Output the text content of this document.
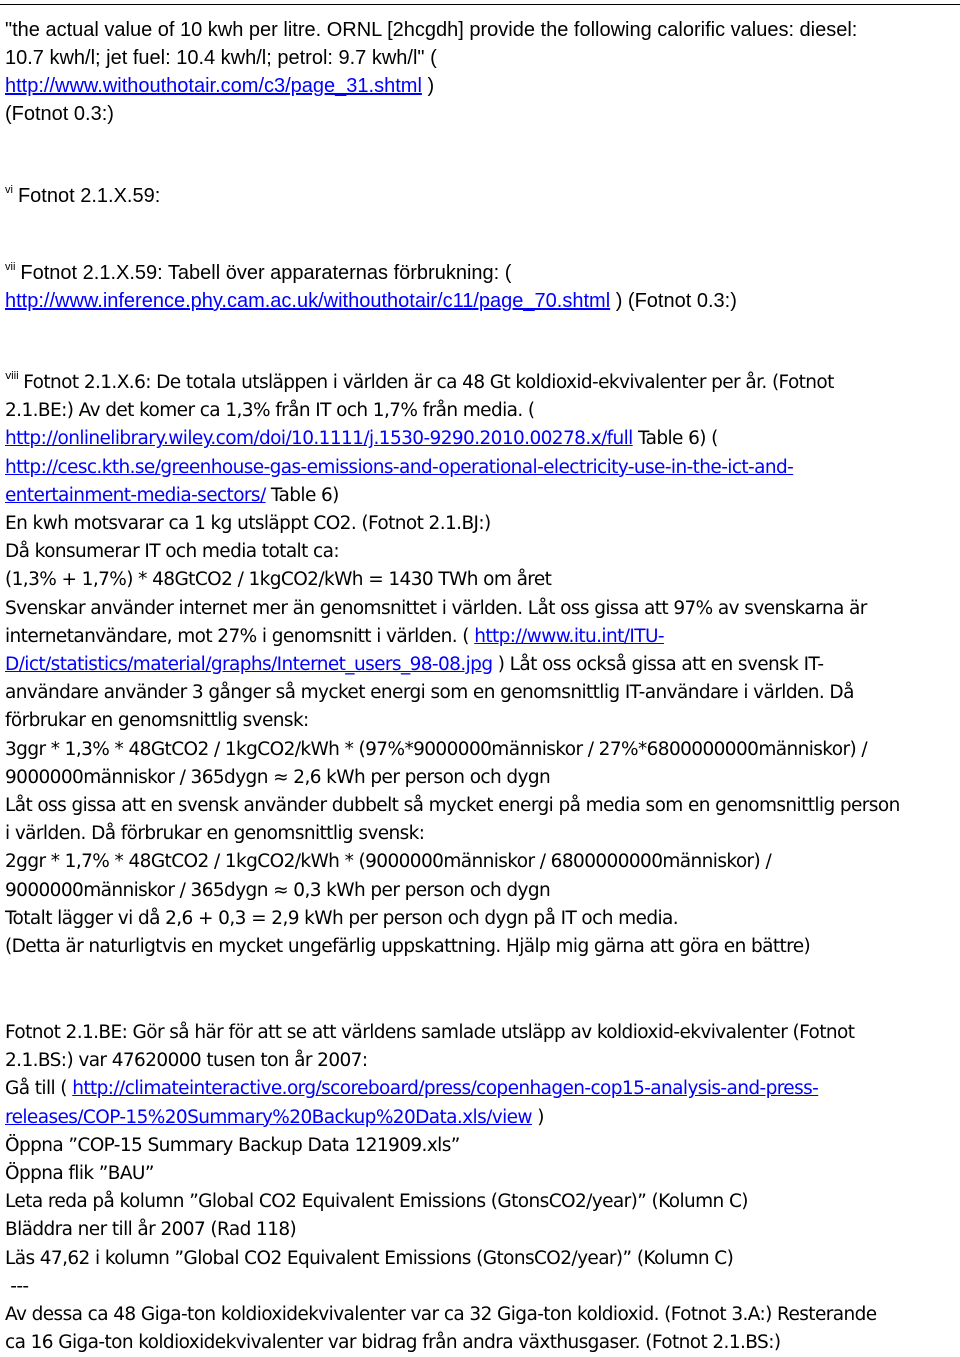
"the actual value of 10 kwh per litre. ORNL [2hcgdh] provide the following calorific values: diesel:
10.7 kwh/l; jet fuel: 10.4 kwh/l; petrol: 9.7 kwh/l" (
http://www.withouthotair.com/c3/page_31.shtml )
(Fotnot 0.3:)
$^{vi}$ Fotnot 2.1.X.59:
$^{vii}$ Fotnot 2.1.X.59: Tabell över apparaternas förbrukning: (
http://www.inference.phy.cam.ac.uk/withouthotair/c11/page_70.shtml ) (Fotnot 0.3:)
$^{viii}$ Fotnot 2.1.X.6: De totala utsläppen i världen är ca 48 Gt koldioxid-ekvivalenter per år. (Fotnot
2.1.BE:) Av det komer ca 1,3% från IT och 1,7% från media. (
http://onlinelibrary.wiley.com/doi/10.1111/j.1530-9290.2010.00278.x/full Table 6) (
http://cesc.kth.se/greenhouse-gas-emissions-and-operational-electricity-use-in-the-ict-and-
entertainment-media-sectors/ Table 6)
En kwh motsvarar ca 1 kg utsläppt CO2. (Fotnot 2.1.BJ:)
Då konsumerar IT och media totalt ca:
(1,3% + 1,7%) * 48GtCO2 / 1kgCO2/kWh = 1430 TWh om året
Svenskar använder internet mer än genomsnittet i världen. Låt oss gissa att 97% av svenskarna är
internetanvändare, mot 27% i genomsnitt i världen. ( http://www.itu.int/ITU-
D/ict/statistics/material/graphs/Internet_users_98-08.jpg ) Låt oss också gissa att en svensk IT-
användare använder 3 gånger så mycket energi som en genomsnittlig IT-användare i världen. Då
förbrukar en genomsnittlig svensk:
3ggr * 1,3% * 48GtCO2 / 1kgCO2/kWh * (97%*9000000människor / 27%*6800000000människor) /
9000000människor / 365dygn ≈ 2,6 kWh per person och dygn
Låt oss gissa att en svensk använder dubbelt så mycket energi på media som en genomsnittlig person
i världen. Då förbrukar en genomsnittlig svensk:
2ggr * 1,7% * 48GtCO2 / 1kgCO2/kWh * (9000000människor / 6800000000människor) /
9000000människor / 365dygn ≈ 0,3 kWh per person och dygn
Totalt lägger vi då 2,6 + 0,3 = 2,9 kWh per person och dygn på IT och media.
(Detta är naturligtvis en mycket ungefärlig uppskattning. Hjälp mig gärna att göra en bättre)
Fotnot 2.1.BE: Gör så här för att se att världens samlade utsläpp av koldioxid-ekvivalenter (Fotnot
2.1.BS:) var 47620000 tusen ton år 2007:
Gå till ( http://climateinteractive.org/scoreboard/press/copenhagen-cop15-analysis-and-press-
releases/COP-15%20Summary%20Backup%20Data.xls/view )
Öppna ”COP-15 Summary Backup Data 121909.xls”
Öppna flik ”BAU”
Leta reda på kolumn ”Global CO2 Equivalent Emissions (GtonsCO2/year)” (Kolumn C)
Bläddra ner till år 2007 (Rad 118)
Läs 47,62 i kolumn ”Global CO2 Equivalent Emissions (GtonsCO2/year)” (Kolumn C)
---
Av dessa ca 48 Giga-ton koldioxidekvivalenter var ca 32 Giga-ton koldioxid. (Fotnot 3.A:) Resterande
ca 16 Giga-ton koldioxidekvivalenter var bidrag från andra växthusgaser. (Fotnot 2.1.BS:)
